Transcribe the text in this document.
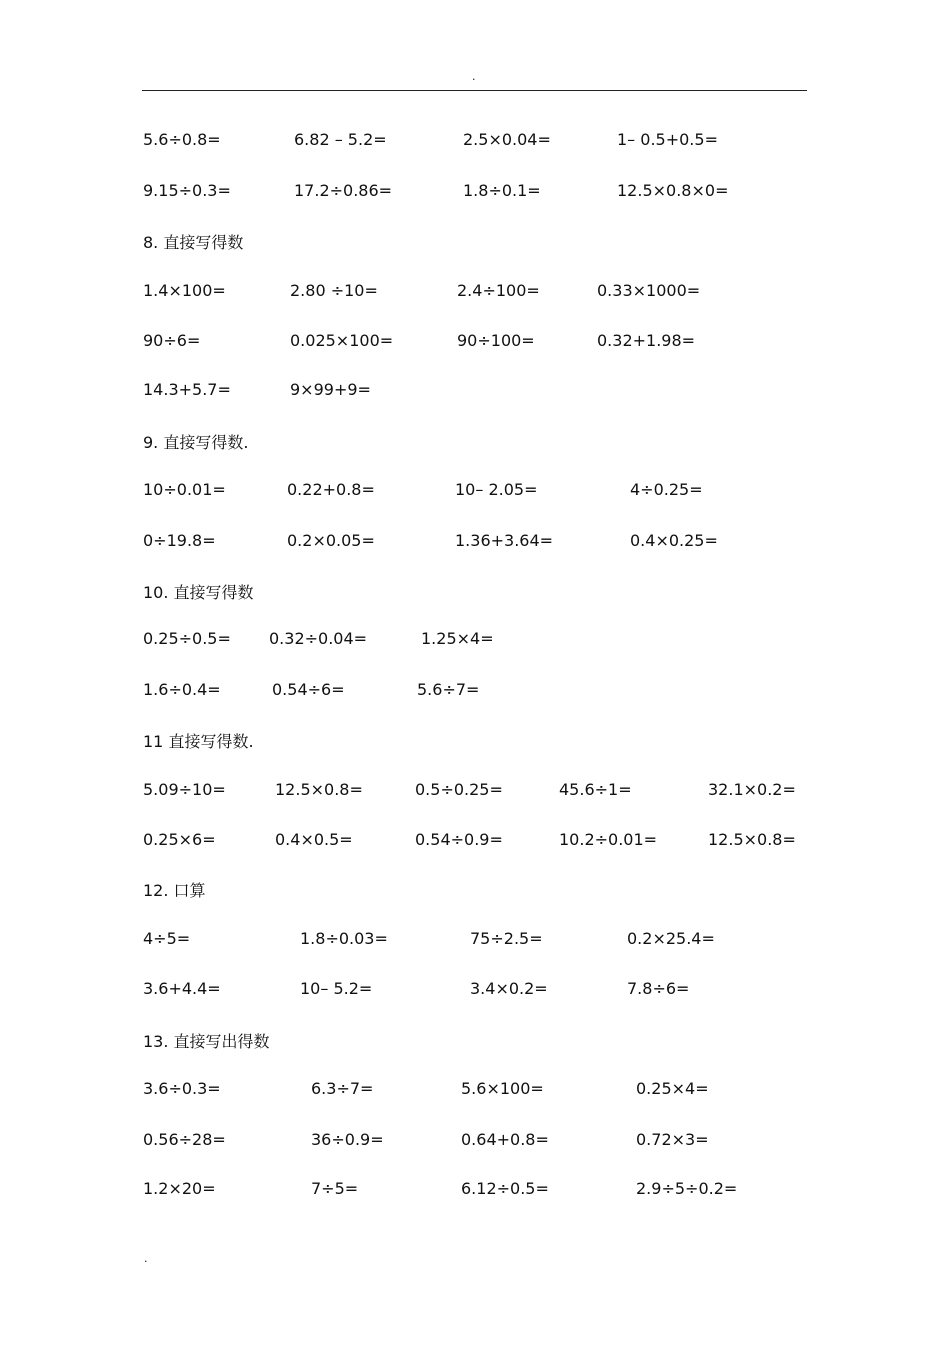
.
5.6÷0.8=	6.82 – 5.2=	2.5×0.04=	1– 0.5+0.5=
9.15÷0.3=	17.2÷0.86=	1.8÷0.1=	12.5×0.8×0=
8. 直接写得数
1.4×100=	2.80 ÷10=	2.4÷100=	0.33×1000=
90÷6=	0.025×100=	90÷100=	0.32+1.98=
14.3+5.7=	9×99+9=
9. 直接写得数.
10÷0.01=	0.22+0.8=	10– 2.05=	4÷0.25=
0÷19.8=	0.2×0.05=	1.36+3.64=	0.4×0.25=
10. 直接写得数
0.25÷0.5= 0.32÷0.04=	1.25×4=
1.6÷0.4=	0.54÷6=	5.6÷7=
11 直接写得数.
5.09÷10=	12.5×0.8=	0.5÷0.25=	45.6÷1=	32.1×0.2=
0.25×6=	0.4×0.5=	0.54÷0.9=	10.2÷0.01=	12.5×0.8=
12. 口算
4÷5=	1.8÷0.03=	75÷2.5=	0.2×25.4=
3.6+4.4=	10– 5.2=	3.4×0.2=	7.8÷6=
13. 直接写出得数
3.6÷0.3=	6.3÷7=	5.6×100=	0.25×4=
0.56÷28=	36÷0.9=	0.64+0.8=	0.72×3=
1.2×20=	7÷5=	6.12÷0.5=	2.9÷5÷0.2=
.
